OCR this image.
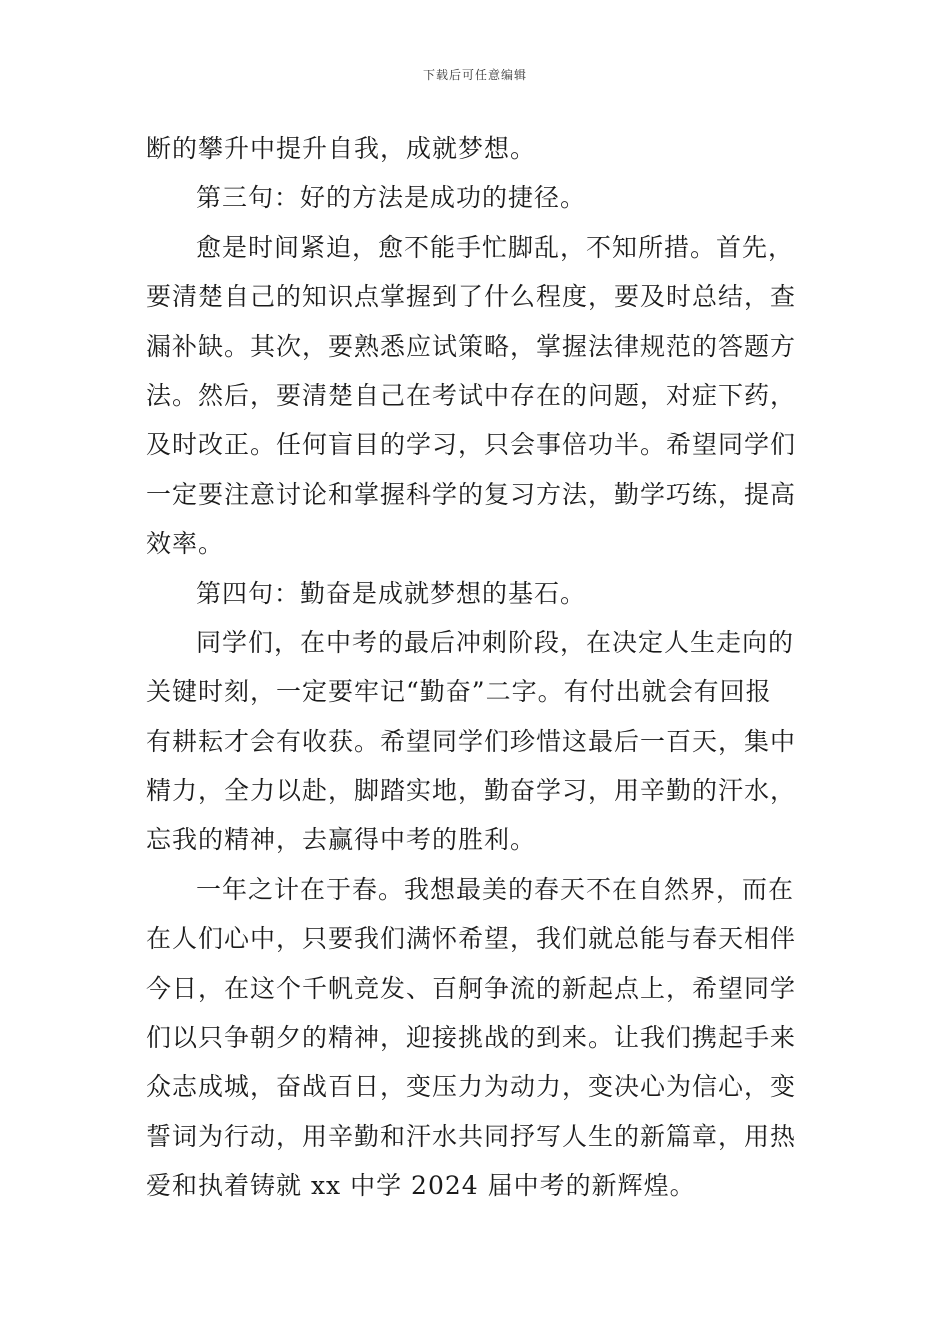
下载后可任意编辑
断的攀升中提升自我，成就梦想。
第三句：好的方法是成功的捷径。
愈是时间紧迫，愈不能手忙脚乱，不知所措。首先，
要清楚自己的知识点掌握到了什么程度，要及时总结，查
漏补缺。其次，要熟悉应试策略，掌握法律规范的答题方
法。然后，要清楚自己在考试中存在的问题，对症下药，
及时改正。任何盲目的学习，只会事倍功半。希望同学们
一定要注意讨论和掌握科学的复习方法，勤学巧练，提高
效率。
第四句：勤奋是成就梦想的基石。
同学们，在中考的最后冲刺阶段，在决定人生走向的
关键时刻，一定要牢记“勤奋”二字。有付出就会有回报
有耕耘才会有收获。希望同学们珍惜这最后一百天，集中
精力，全力以赴，脚踏实地，勤奋学习，用辛勤的汗水，
忘我的精神，去赢得中考的胜利。
一年之计在于春。我想最美的春天不在自然界，而在
在人们心中，只要我们满怀希望，我们就总能与春天相伴
今日，在这个千帆竞发、百舸争流的新起点上，希望同学
们以只争朝夕的精神，迎接挑战的到来。让我们携起手来
众志成城，奋战百日，变压力为动力，变决心为信心，变
誓词为行动，用辛勤和汗水共同抒写人生的新篇章，用热
爱和执着铸就 xx 中学 2024 届中考的新辉煌。
